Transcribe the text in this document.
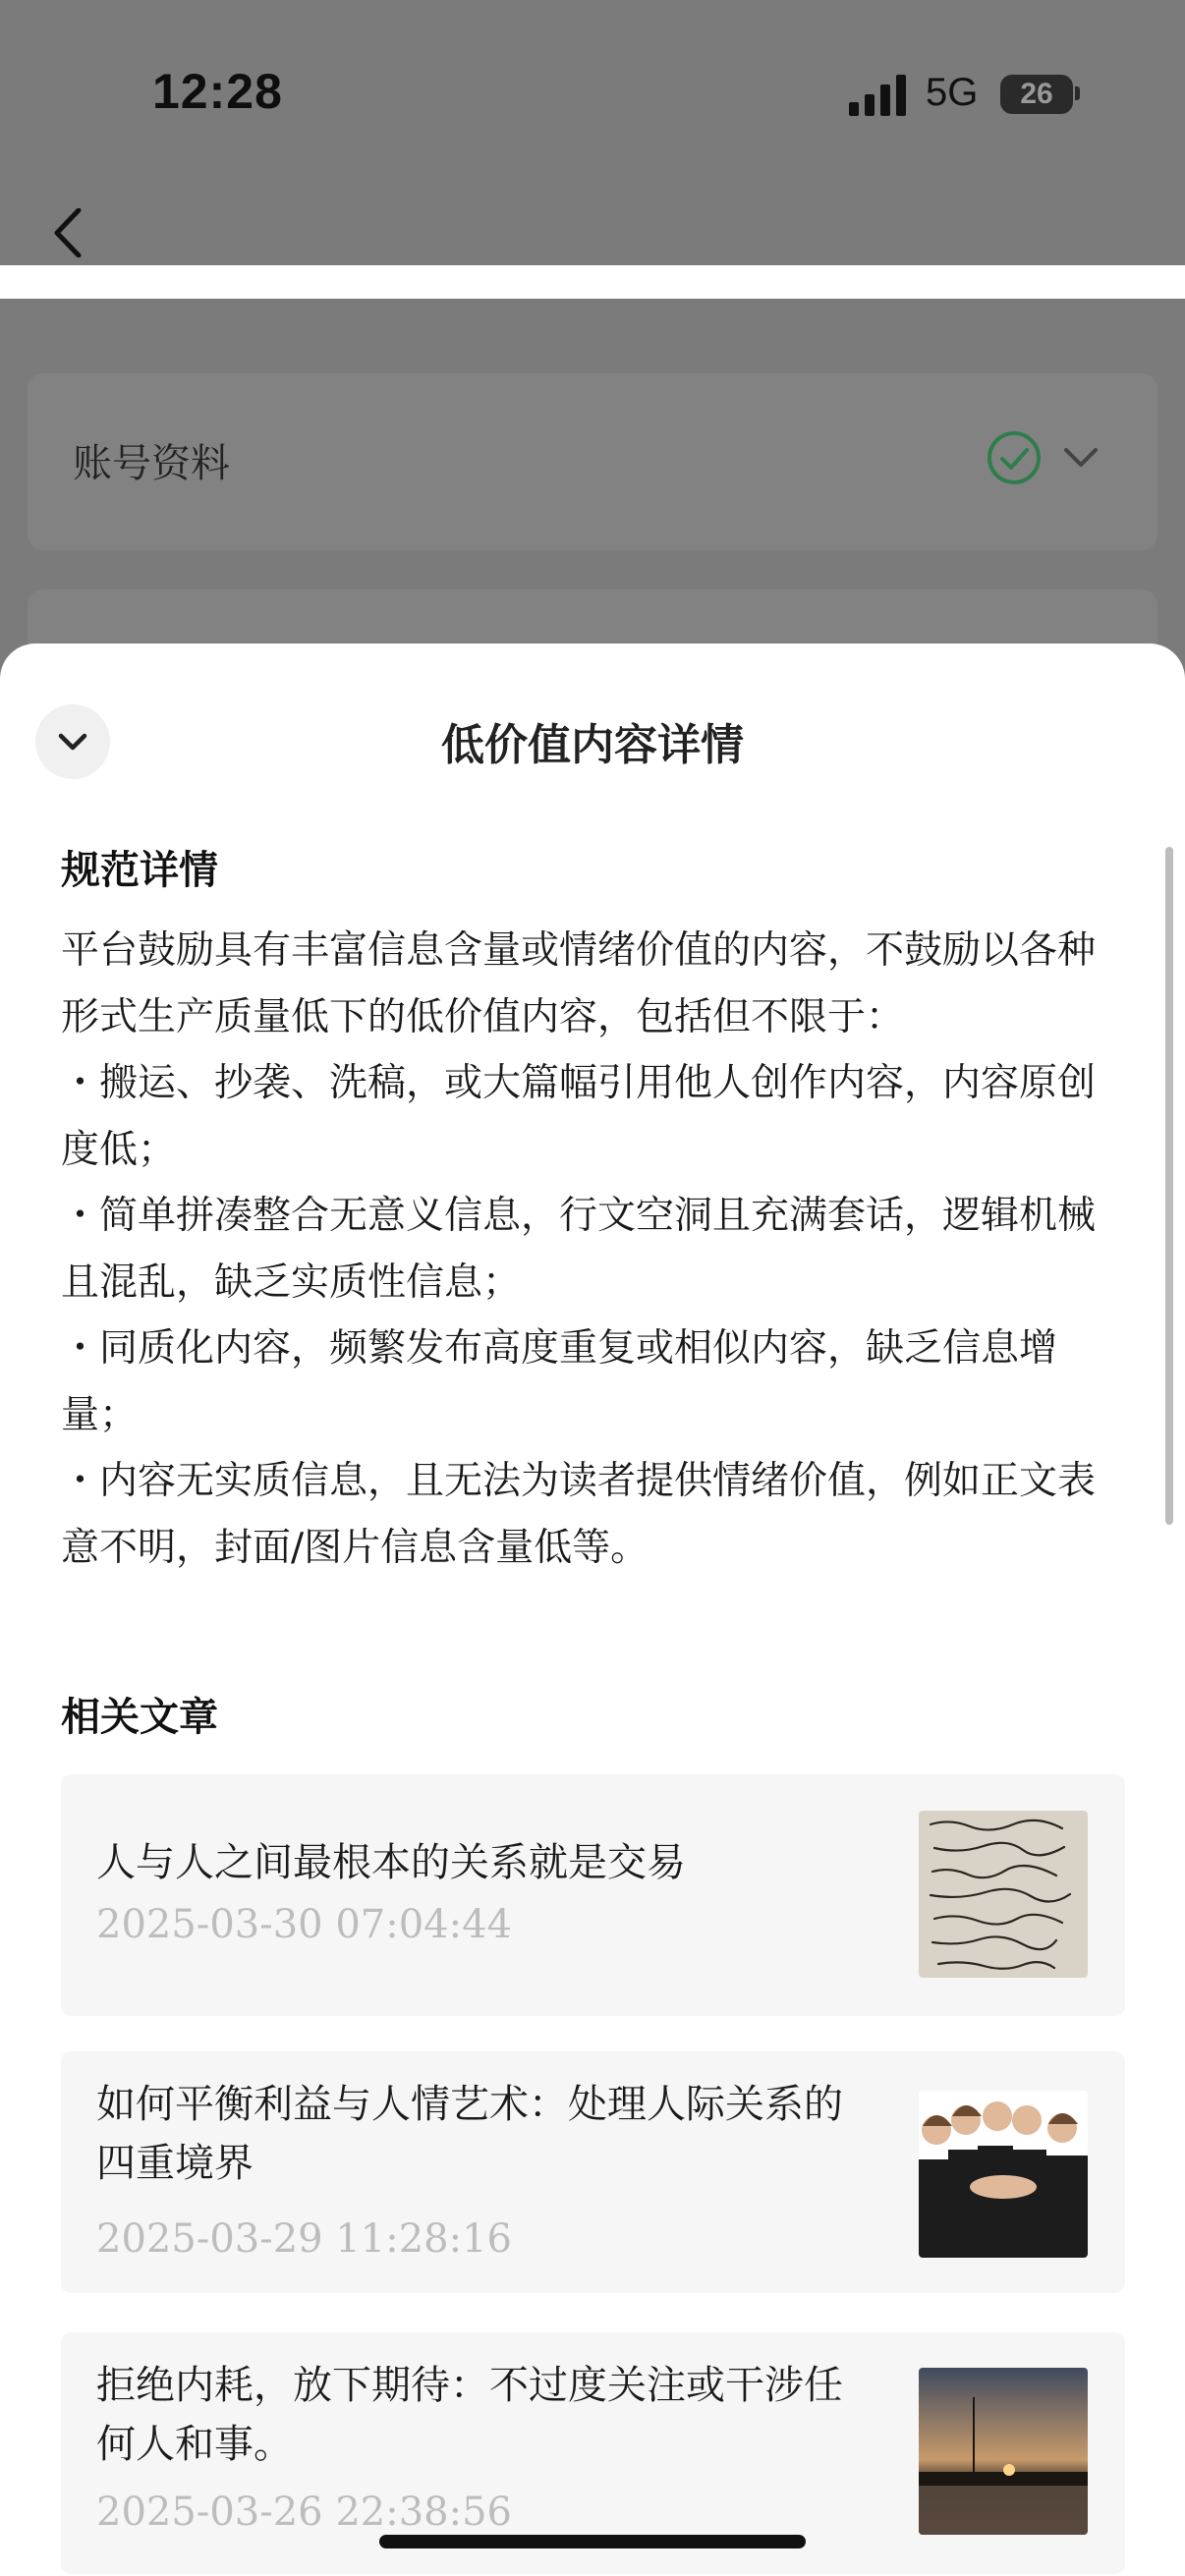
12:28	5G	26
账号资料
低价值内容详情
规范详情

平台鼓励具有丰富信息含量或情绪价值的内容，不鼓励以各种形式生产质量低下的低价值内容，包括但不限于：

・搬运、抄袭、洗稿，或大篇幅引用他人创作内容，内容原创度低；

・简单拼凑整合无意义信息，行文空洞且充满套话，逻辑机械且混乱，缺乏实质性信息；

・同质化内容，频繁发布高度重复或相似内容，缺乏信息增量；

・内容无实质信息，且无法为读者提供情绪价值，例如正文表意不明，封面/图片信息含量低等。

相关文章
人与人之间最根本的关系就是交易
2025-03-30 07:04:44
如何平衡利益与人情艺术：处理人际关系的四重境界
2025-03-29 11:28:16
拒绝内耗，放下期待：不过度关注或干涉任何人和事。
2025-03-26 22:38:56
